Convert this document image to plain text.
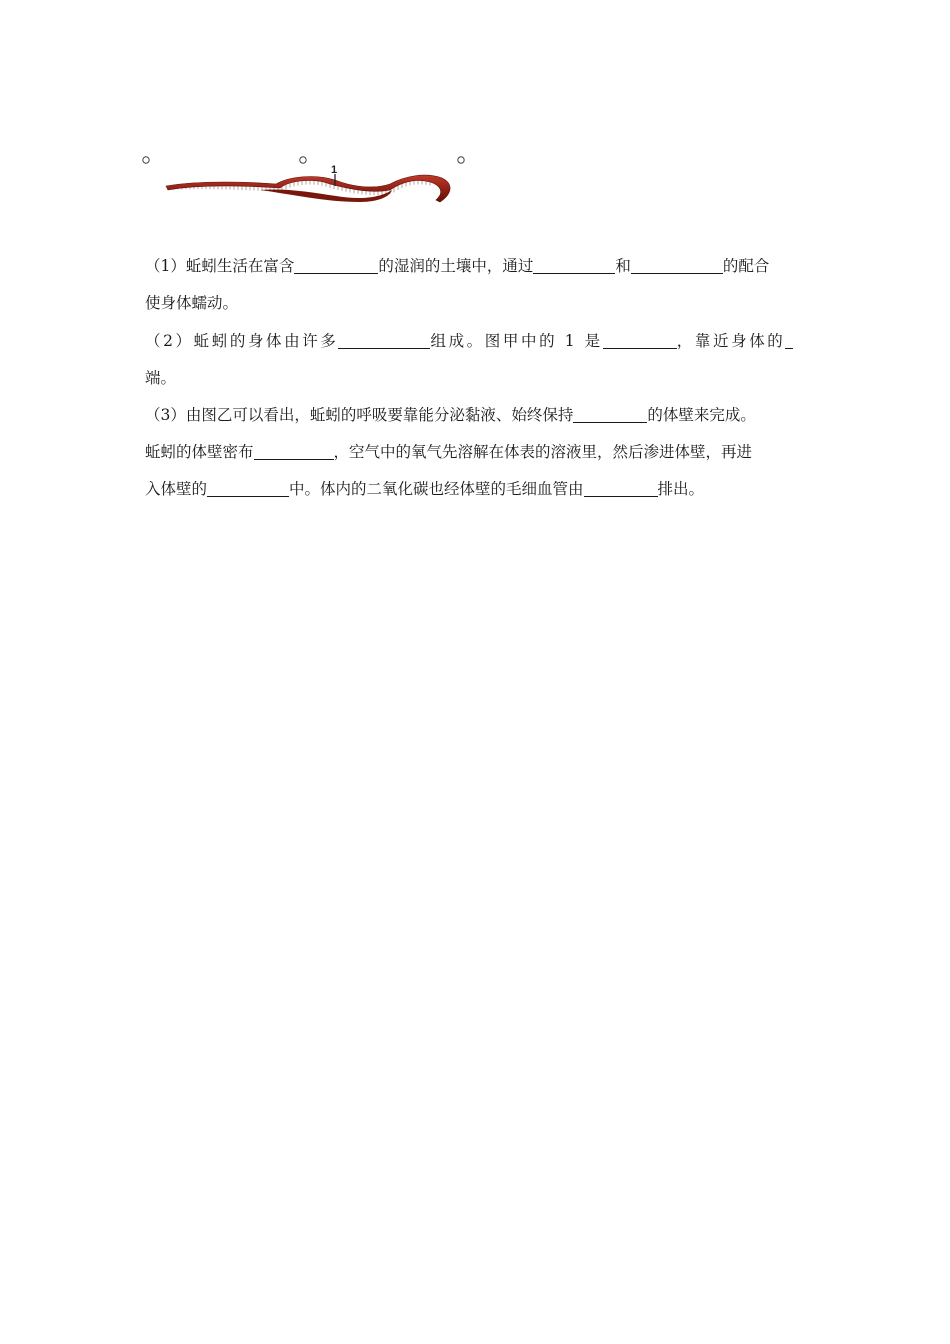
1
（1）蚯蚓生活在富含	的湿润的土壤中，通过	和	的配合
使身体蠕动。
（2）蚯蚓的身体由许多	组成。图甲中的 1 是	，靠近身体的
端。
（3）由图乙可以看出，蚯蚓的呼吸要靠能分泌黏液、始终保持	的体壁来完成。
蚯蚓的体壁密布	，空气中的氧气先溶解在体表的溶液里，然后渗进体壁，再进
入体壁的	中。体内的二氧化碳也经体壁的毛细血管由	排出。
